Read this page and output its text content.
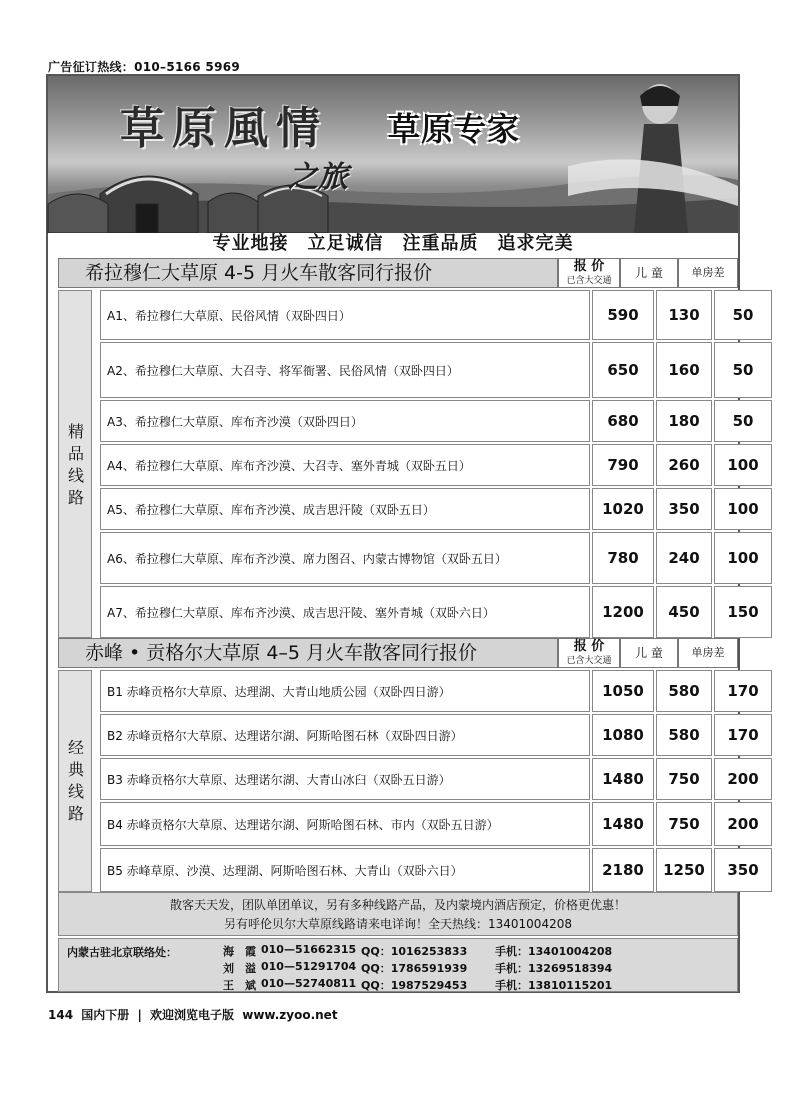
广告征订热线：010–5166 5969
草原風情
之旅
草原专家
专业地接　立足诚信　注重品质　追求完美
希拉穆仁大草原 4-5 月火车散客同行报价	报 价
已含大交通
儿 童	单房差
精
品
线
路
A1、希拉穆仁大草原、民俗风情（双卧四日）	590	130	50
A2、希拉穆仁大草原、大召寺、将军衙署、民俗风情（双卧四日）	650	160	50
A3、希拉穆仁大草原、库布齐沙漠（双卧四日）	680	180	50
A4、希拉穆仁大草原、库布齐沙漠、大召寺、塞外青城（双卧五日）	790	260	100
A5、希拉穆仁大草原、库布齐沙漠、成吉思汗陵（双卧五日）	1020	350	100
A6、希拉穆仁大草原、库布齐沙漠、席力图召、内蒙古博物馆（双卧五日）	780	240	100
A7、希拉穆仁大草原、库布齐沙漠、成吉思汗陵、塞外青城（双卧六日）	1200	450	150
赤峰 • 贡格尔大草原 4–5 月火车散客同行报价	报 价
已含大交通
儿 童	单房差
经
典
线
路
B1 赤峰贡格尔大草原、达理湖、大青山地质公园（双卧四日游）	1050	580	170
B2 赤峰贡格尔大草原、达理诺尔湖、阿斯哈图石林（双卧四日游）	1080	580	170
B3 赤峰贡格尔大草原、达理诺尔湖、大青山冰臼（双卧五日游）	1480	750	200
B4 赤峰贡格尔大草原、达理诺尔湖、阿斯哈图石林、市内（双卧五日游）	1480	750	200
B5 赤峰草原、沙漠、达理湖、阿斯哈图石林、大青山（双卧六日）	2180	1250	350
散客天天发，团队单团单议，另有多种线路产品，及内蒙境内酒店预定，价格更优惠！
另有呼伦贝尔大草原线路请来电详询！全天热线：13401004208
内蒙古驻北京联络处：	海　霞 010—51662315 QQ：1016253833	手机：13401004208
刘　溢 010—51291704 QQ：1786591939	手机：13269518394
王　斌 010—52740811 QQ：1987529453	手机：13810115201
144 国内下册 | 欢迎浏览电子版 www.zyoo.net
